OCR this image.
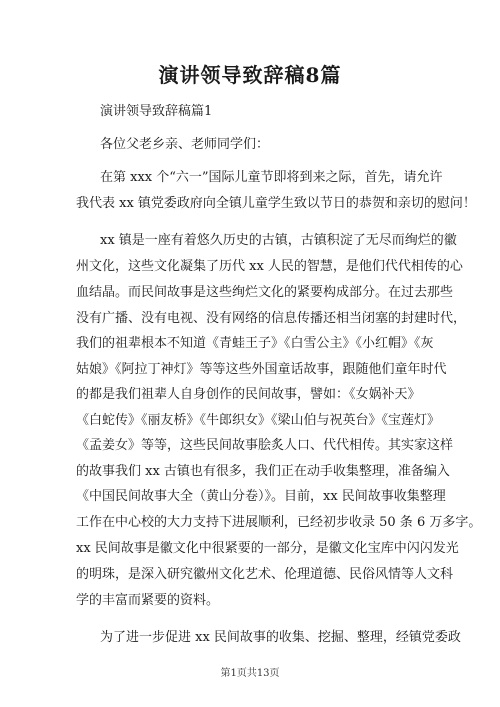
演讲领导致辞稿8篇
演讲领导致辞稿篇1
各位父老乡亲、老师同学们：
在第 xxx 个“六一”国际儿童节即将到来之际，首先，请允许
我代表 xx 镇党委政府向全镇儿童学生致以节日的恭贺和亲切的慰问！
xx 镇是一座有着悠久历史的古镇，古镇积淀了无尽而绚烂的徽
州文化，这些文化凝集了历代 xx 人民的智慧，是他们代代相传的心
血结晶。而民间故事是这些绚烂文化的紧要构成部分。在过去那些
没有广播、没有电视、没有网络的信息传播还相当闭塞的封建时代，
我们的祖辈根本不知道《青蛙王子》《白雪公主》《小红帽》《灰
姑娘》《阿拉丁神灯》等等这些外国童话故事，跟随他们童年时代
的都是我们祖辈人自身创作的民间故事，譬如：《女娲补天》
《白蛇传》《丽友桥》《牛郎织女》《梁山伯与祝英台》《宝莲灯》
《孟姜女》等等，这些民间故事脍炙人口、代代相传。其实家这样
的故事我们 xx 古镇也有很多，我们正在动手收集整理，准备编入
《中国民间故事大全（黄山分卷）》。目前，xx 民间故事收集整理
工作在中心校的大力支持下进展顺利，已经初步收录 50 条 6 万多字。
xx 民间故事是徽文化中很紧要的一部分，是徽文化宝库中闪闪发光
的明珠，是深入研究徽州文化艺术、伦理道德、民俗风情等人文科
学的丰富而紧要的资料。
为了进一步促进 xx 民间故事的收集、挖掘、整理，经镇党委政
第1页共13页
